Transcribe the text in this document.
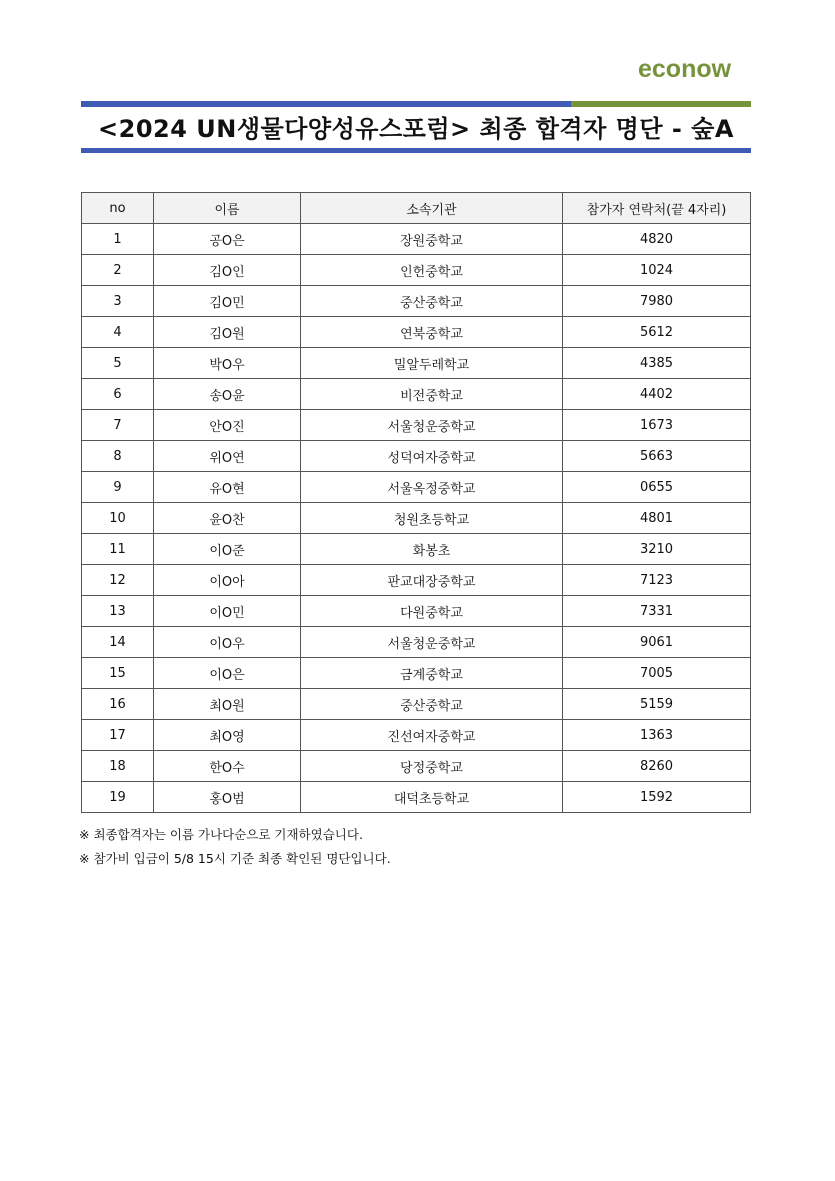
econow
<2024 UN생물다양성유스포럼> 최종 합격자 명단 - 숲A
no	이름	소속기관	참가자 연락처(끝 4자리)
1	공O은	장원중학교	4820
2	김O인	인헌중학교	1024
3	김O민	중산중학교	7980
4	김O원	연북중학교	5612
5	박O우	밀알두레학교	4385
6	송O윤	비전중학교	4402
7	안O진	서울청운중학교	1673
8	위O연	성덕여자중학교	5663
9	유O현	서울옥정중학교	0655
10	윤O찬	청원초등학교	4801
11	이O준	화봉초	3210
12	이O아	판교대장중학교	7123
13	이O민	다원중학교	7331
14	이O우	서울청운중학교	9061
15	이O은	금계중학교	7005
16	최O원	중산중학교	5159
17	최O영	진선여자중학교	1363
18	한O수	당정중학교	8260
19	홍O범	대덕초등학교	1592
※ 최종합격자는 이름 가나다순으로 기재하였습니다.
※ 참가비 입금이 5/8 15시 기준 최종 확인된 명단입니다.
